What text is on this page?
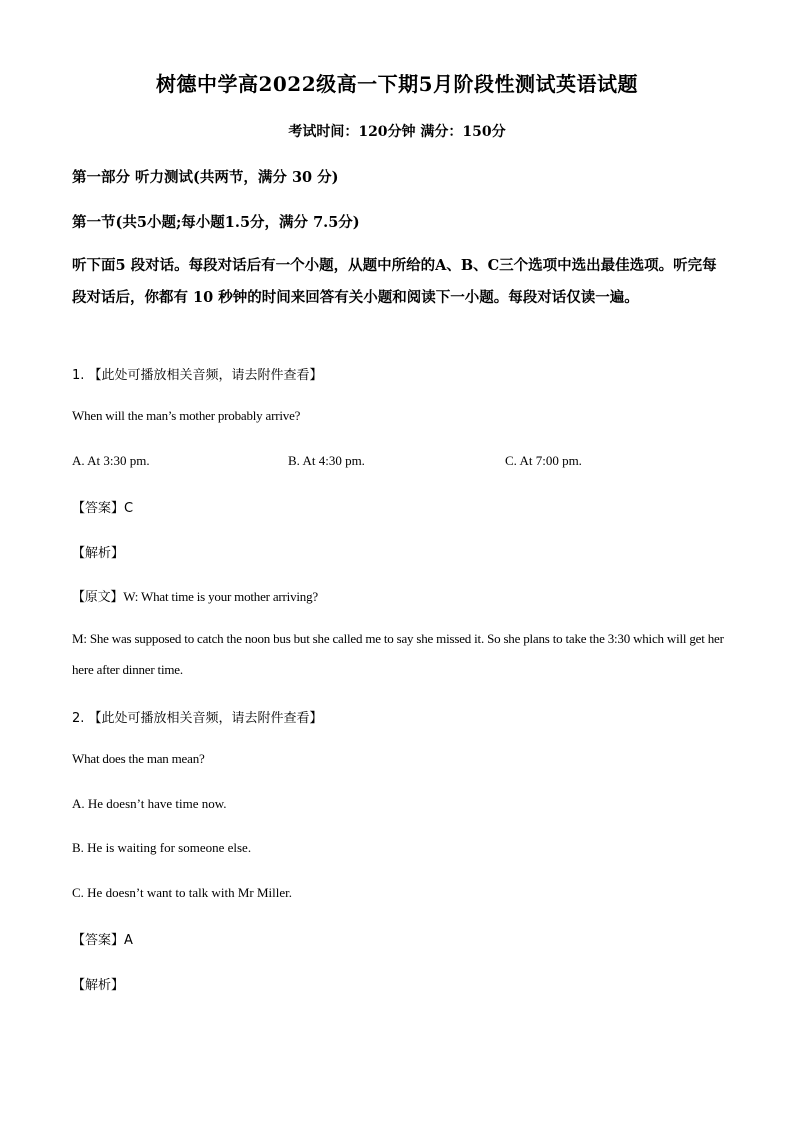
树德中学高2022级高一下期5月阶段性测试英语试题
考试时间：120分钟 满分：150分
第一部分 听力测试(共两节，满分 30 分)
第一节(共5小题;每小题1.5分，满分 7.5分)
听下面5 段对话。每段对话后有一个小题，从题中所给的A、B、C三个选项中选出最佳选项。听完每段对话后，你都有 10 秒钟的时间来回答有关小题和阅读下一小题。每段对话仅读一遍。
1. 【此处可播放相关音频，请去附件查看】
When will the man’s mother probably arrive?
A. At 3:30 pm.	B. At 4:30 pm.	C. At 7:00 pm.
【答案】C
【解析】
【原文】W: What time is your mother arriving?
M: She was supposed to catch the noon bus but she called me to say she missed it. So she plans to take the 3:30 which will get her here after dinner time.
2. 【此处可播放相关音频，请去附件查看】
What does the man mean?
A. He doesn’t have time now.
B. He is waiting for someone else.
C. He doesn’t want to talk with Mr Miller.
【答案】A
【解析】
